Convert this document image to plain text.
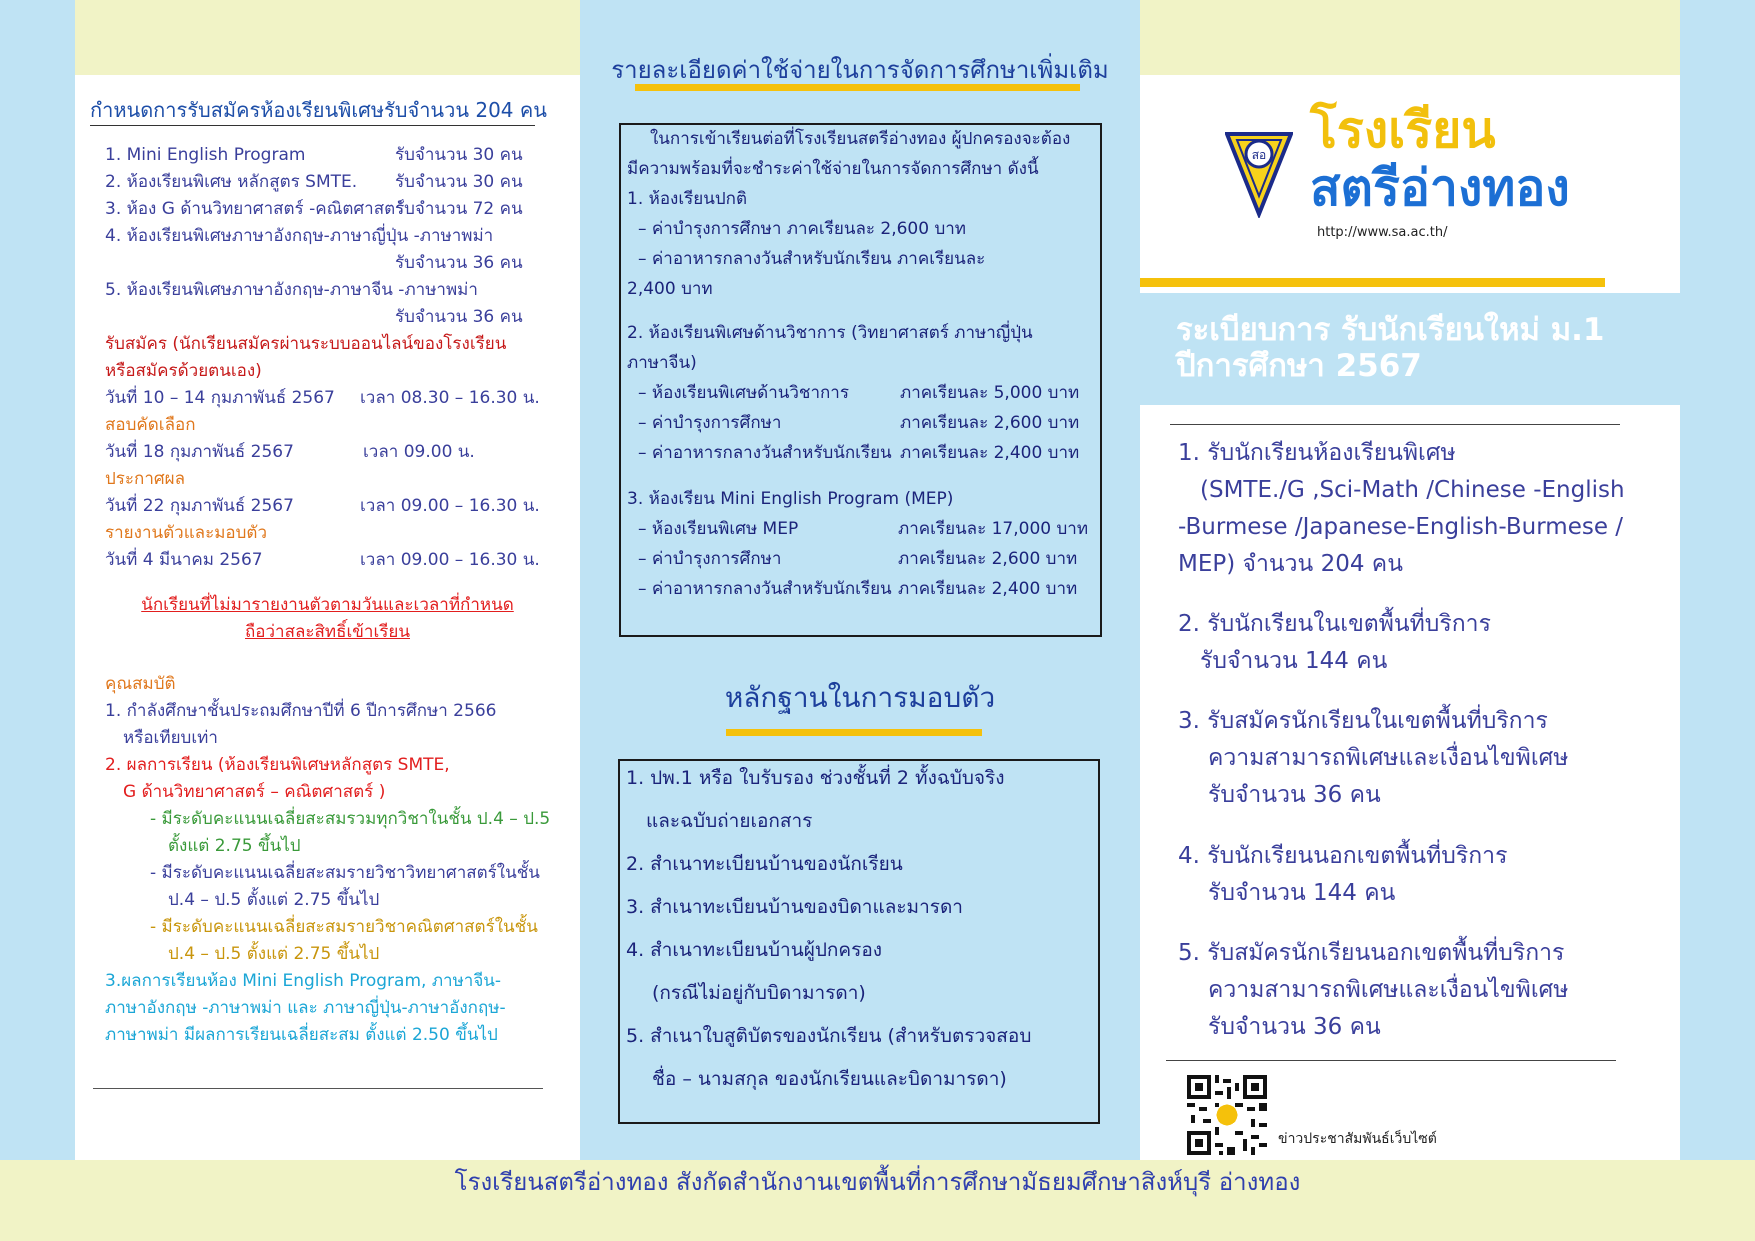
กำหนดการรับสมัครห้องเรียนพิเศษรับจำนวน 204 คน
1. Mini English Program	รับจำนวน 30 คน
2. ห้องเรียนพิเศษ หลักสูตร SMTE. รับจำนวน 30 คน
3. ห้อง G ด้านวิทยาศาสตร์ -คณิตศาสตร์
รับจำนวน 72 คน
4. ห้องเรียนพิเศษภาษาอังกฤษ-ภาษาญี่ปุ่น -ภาษาพม่า
รับจำนวน 36 คน
5. ห้องเรียนพิเศษภาษาอังกฤษ-ภาษาจีน -ภาษาพม่า
รับจำนวน 36 คน
รับสมัคร (นักเรียนสมัครผ่านระบบออนไลน์ของโรงเรียน
หรือสมัครด้วยตนเอง)
วันที่ 10 – 14 กุมภาพันธ์ 2567 เวลา 08.30 – 16.30 น.
สอบคัดเลือก
วันที่ 18 กุมภาพันธ์ 2567	เวลา 09.00 น.
ประกาศผล
วันที่ 22 กุมภาพันธ์ 2567	เวลา 09.00 – 16.30 น.
รายงานตัวและมอบตัว
วันที่ 4 มีนาคม 2567	เวลา 09.00 – 16.30 น.
นักเรียนที่ไม่มารายงานตัวตามวันและเวลาที่กำหนด
ถือว่าสละสิทธิ์เข้าเรียน
คุณสมบัติ
1. กำลังศึกษาชั้นประถมศึกษาปีที่ 6 ปีการศึกษา 2566
หรือเทียบเท่า
2. ผลการเรียน (ห้องเรียนพิเศษหลักสูตร SMTE,
G ด้านวิทยาศาสตร์ – คณิตศาสตร์ )
- มีระดับคะแนนเฉลี่ยสะสมรวมทุกวิชาในชั้น ป.4 – ป.5
ตั้งแต่ 2.75 ขึ้นไป
- มีระดับคะแนนเฉลี่ยสะสมรายวิชาวิทยาศาสตร์ในชั้น
ป.4 – ป.5 ตั้งแต่ 2.75 ขึ้นไป
- มีระดับคะแนนเฉลี่ยสะสมรายวิชาคณิตศาสตร์ในชั้น
ป.4 – ป.5 ตั้งแต่ 2.75 ขึ้นไป
3.ผลการเรียนห้อง Mini English Program, ภาษาจีน-
ภาษาอังกฤษ -ภาษาพม่า และ ภาษาญี่ปุ่น-ภาษาอังกฤษ-
ภาษาพม่า มีผลการเรียนเฉลี่ยสะสม ตั้งแต่ 2.50 ขึ้นไป
รายละเอียดค่าใช้จ่ายในการจัดการศึกษาเพิ่มเติม
ในการเข้าเรียนต่อที่โรงเรียนสตรีอ่างทอง ผู้ปกครองจะต้อง
มีความพร้อมที่จะชำระค่าใช้จ่ายในการจัดการศึกษา ดังนี้
1. ห้องเรียนปกติ
– ค่าบำรุงการศึกษา ภาคเรียนละ 2,600 บาท
– ค่าอาหารกลางวันสำหรับนักเรียน ภาคเรียนละ
2,400 บาท
2. ห้องเรียนพิเศษด้านวิชาการ (วิทยาศาสตร์ ภาษาญี่ปุ่น
ภาษาจีน)
– ห้องเรียนพิเศษด้านวิชาการ	ภาคเรียนละ 5,000 บาท
– ค่าบำรุงการศึกษา	ภาคเรียนละ 2,600 บาท
– ค่าอาหารกลางวันสำหรับนักเรียน ภาคเรียนละ 2,400 บาท
3. ห้องเรียน Mini English Program (MEP)
– ห้องเรียนพิเศษ MEP	ภาคเรียนละ 17,000 บาท
– ค่าบำรุงการศึกษา	ภาคเรียนละ 2,600 บาท
– ค่าอาหารกลางวันสำหรับนักเรียน ภาคเรียนละ 2,400 บาท
หลักฐานในการมอบตัว
1. ปพ.1 หรือ ใบรับรอง ช่วงชั้นที่ 2 ทั้งฉบับจริง
และฉบับถ่ายเอกสาร
2. สำเนาทะเบียนบ้านของนักเรียน
3. สำเนาทะเบียนบ้านของบิดาและมารดา
4. สำเนาทะเบียนบ้านผู้ปกครอง
(กรณีไม่อยู่กับบิดามารดา)
5. สำเนาใบสูติบัตรของนักเรียน (สำหรับตรวจสอบ
ชื่อ – นามสกุล ของนักเรียนและบิดามารดา)
สอ โรงเรียน
สตรีอ่างทอง
http://www.sa.ac.th/
ระเบียบการ รับนักเรียนใหม่ ม.1
ปีการศึกษา 2567
1. รับนักเรียนห้องเรียนพิเศษ
(SMTE./G ,Sci-Math /Chinese -English
-Burmese /Japanese-English-Burmese /
MEP) จำนวน 204 คน
2. รับนักเรียนในเขตพื้นที่บริการ
รับจำนวน 144 คน
3. รับสมัครนักเรียนในเขตพื้นที่บริการ
ความสามารถพิเศษและเงื่อนไขพิเศษ
รับจำนวน 36 คน
4. รับนักเรียนนอกเขตพื้นที่บริการ
รับจำนวน 144 คน
5. รับสมัครนักเรียนนอกเขตพื้นที่บริการ
ความสามารถพิเศษและเงื่อนไขพิเศษ
รับจำนวน 36 คน
ข่าวประชาสัมพันธ์เว็บไซต์
โรงเรียนสตรีอ่างทอง สังกัดสำนักงานเขตพื้นที่การศึกษามัธยมศึกษาสิงห์บุรี อ่างทอง
